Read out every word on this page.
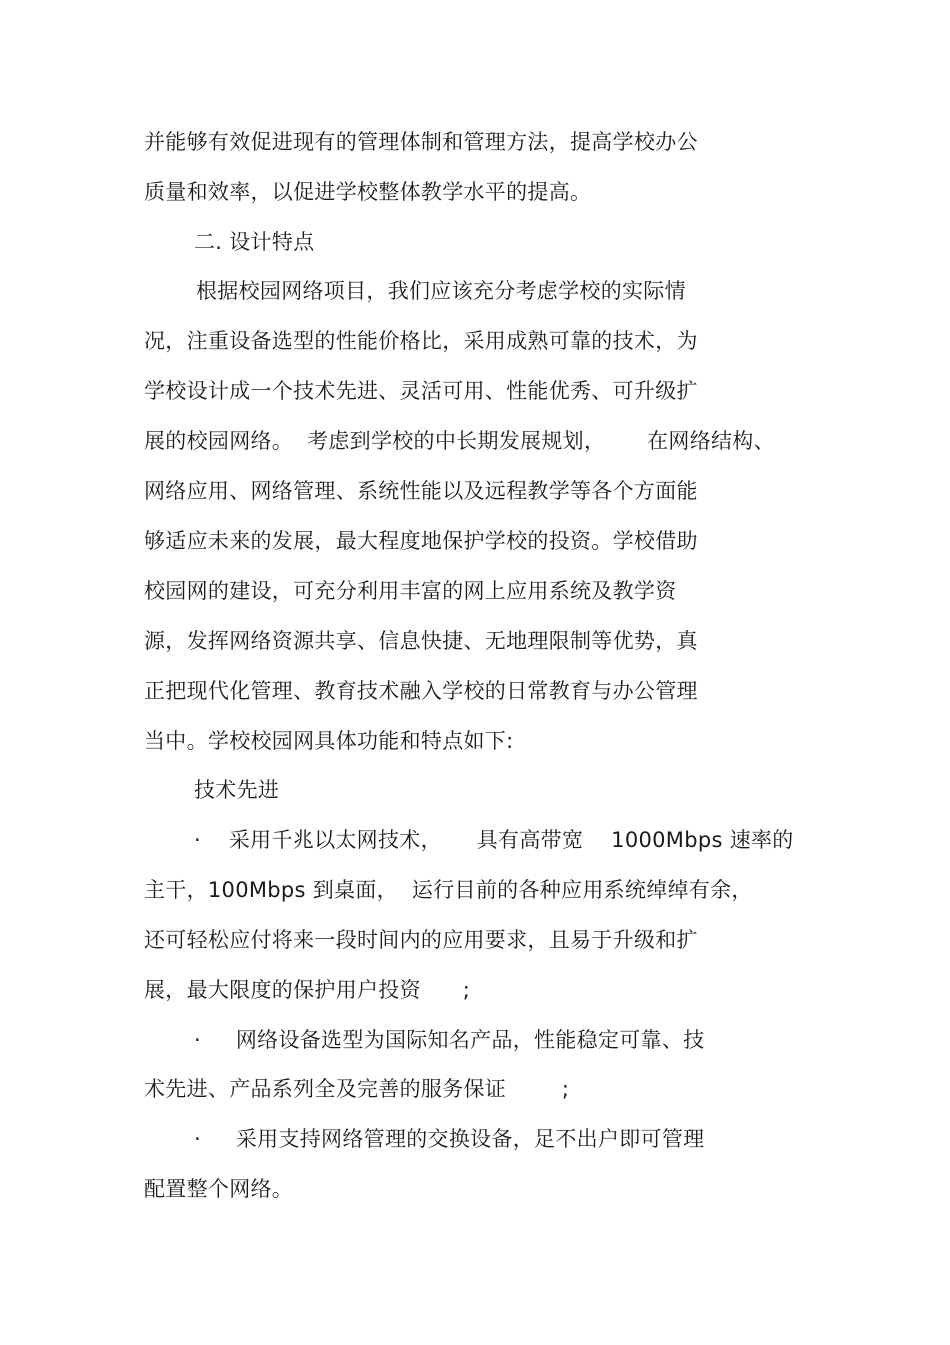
并能够有效促进现有的管理体制和管理方法，提高学校办公
质量和效率，以促进学校整体教学水平的提高。
二. 设计特点
根据校园网络项目，我们应该充分考虑学校的实际情
况，注重设备选型的性能价格比，采用成熟可靠的技术，为
学校设计成一个技术先进、灵活可用、性能优秀、可升级扩
展的校园网络。  考虑到学校的中长期发展规划，      在网络结构、
网络应用、网络管理、系统性能以及远程教学等各个方面能
够适应未来的发展，最大程度地保护学校的投资。学校借助
校园网的建设，可充分利用丰富的网上应用系统及教学资
源，发挥网络资源共享、信息快捷、无地理限制等优势，真
正把现代化管理、教育技术融入学校的日常教育与办公管理
当中。学校校园网具体功能和特点如下:
技术先进
·    采用千兆以太网技术，     具有高带宽    1000Mbps 速率的
主干，100Mbps 到桌面，  运行目前的各种应用系统绰绰有余，
还可轻松应付将来一段时间内的应用要求，且易于升级和扩
展，最大限度的保护用户投资      ;
·     网络设备选型为国际知名产品，性能稳定可靠、技
术先进、产品系列全及完善的服务保证        ;
·     采用支持网络管理的交换设备，足不出户即可管理
配置整个网络。
